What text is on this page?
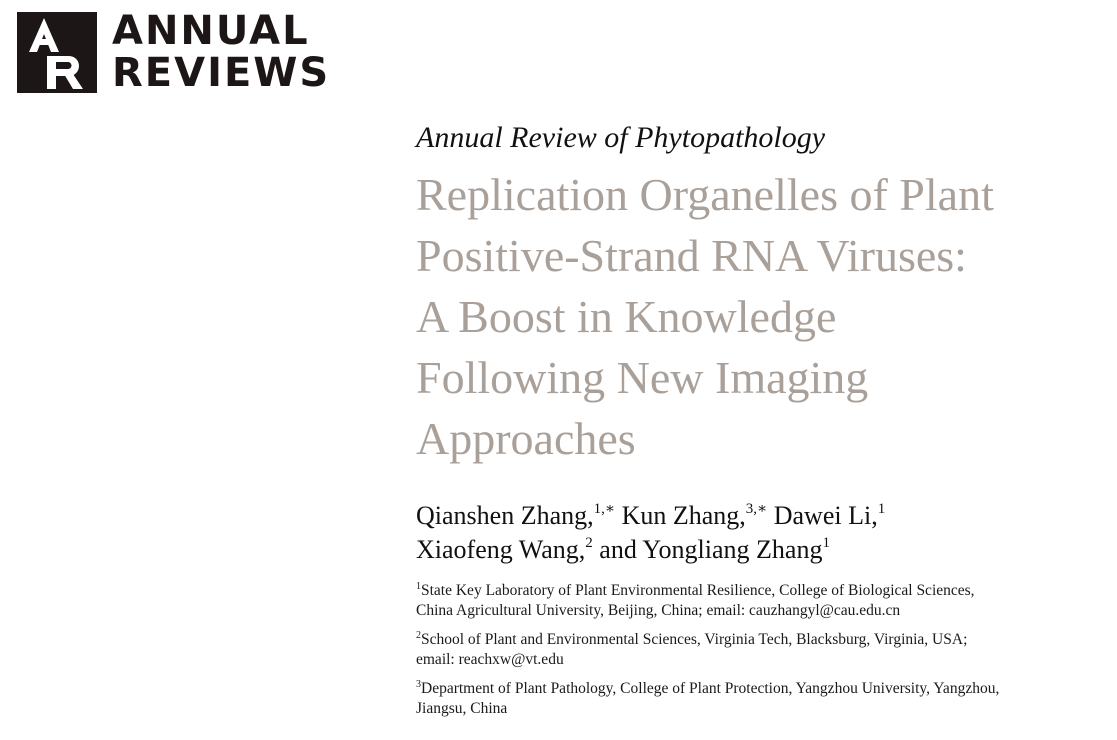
ANNUAL
REVIEWS

Annual Review of Phytopathology

Replication Organelles of Plant
Positive-Strand RNA Viruses:
A Boost in Knowledge
Following New Imaging
Approaches
Qianshen Zhang,$^{1,∗}$ Kun Zhang,$^{3,∗}$ Dawei Li,$^1$
Xiaofeng Wang,$^2$ and Yongliang Zhang$^1$
$^1$State Key Laboratory of Plant Environmental Resilience, College of Biological Sciences,
China Agricultural University, Beijing, China; email: cauzhangyl@cau.edu.cn
$^2$School of Plant and Environmental Sciences, Virginia Tech, Blacksburg, Virginia, USA;
email: reachxw@vt.edu
$^3$Department of Plant Pathology, College of Plant Protection, Yangzhou University, Yangzhou,
Jiangsu, China
